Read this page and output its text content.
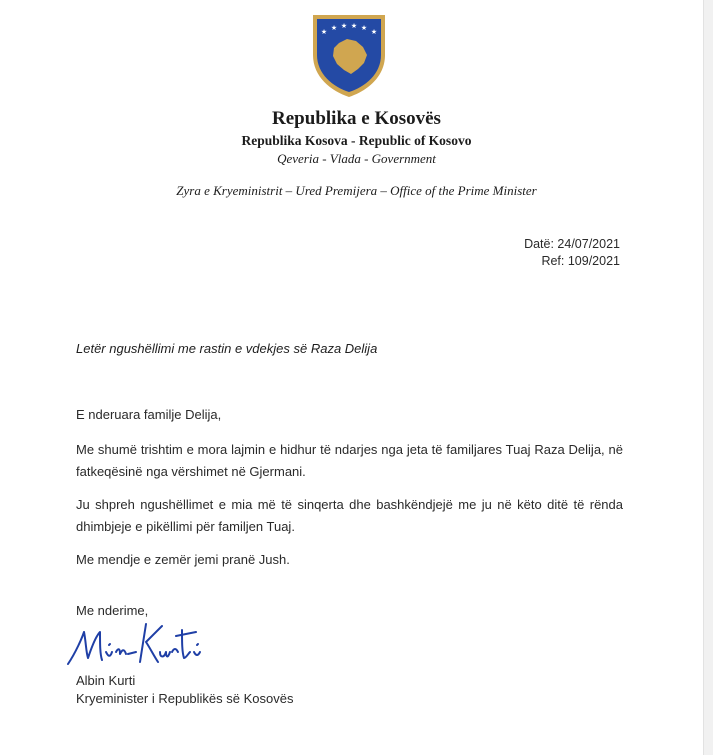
★ ★ ★ ★ ★ ★
Republika e Kosovës
Republika Kosova - Republic of Kosovo
Qeveria - Vlada - Government
Zyra e Kryeministrit – Ured Premijera – Office of the Prime Minister
Datë: 24/07/2021
Ref: 109/2021
Letër ngushëllimi me rastin e vdekjes së Raza Delija

E nderuara familje Delija,

Me shumë trishtim e mora lajmin e hidhur të ndarjes nga jeta të familjares Tuaj Raza Delija, në fatkeqësinë nga vërshimet në Gjermani.

Ju shpreh ngushëllimet e mia më të sinqerta dhe bashkëndjejë me ju në këto ditë të rënda dhimbjeje e pikëllimi për familjen Tuaj.

Me mendje e zemër jemi pranë Jush.

Me nderime,
Albin Kurti
Kryeminister i Republikës së Kosovës
